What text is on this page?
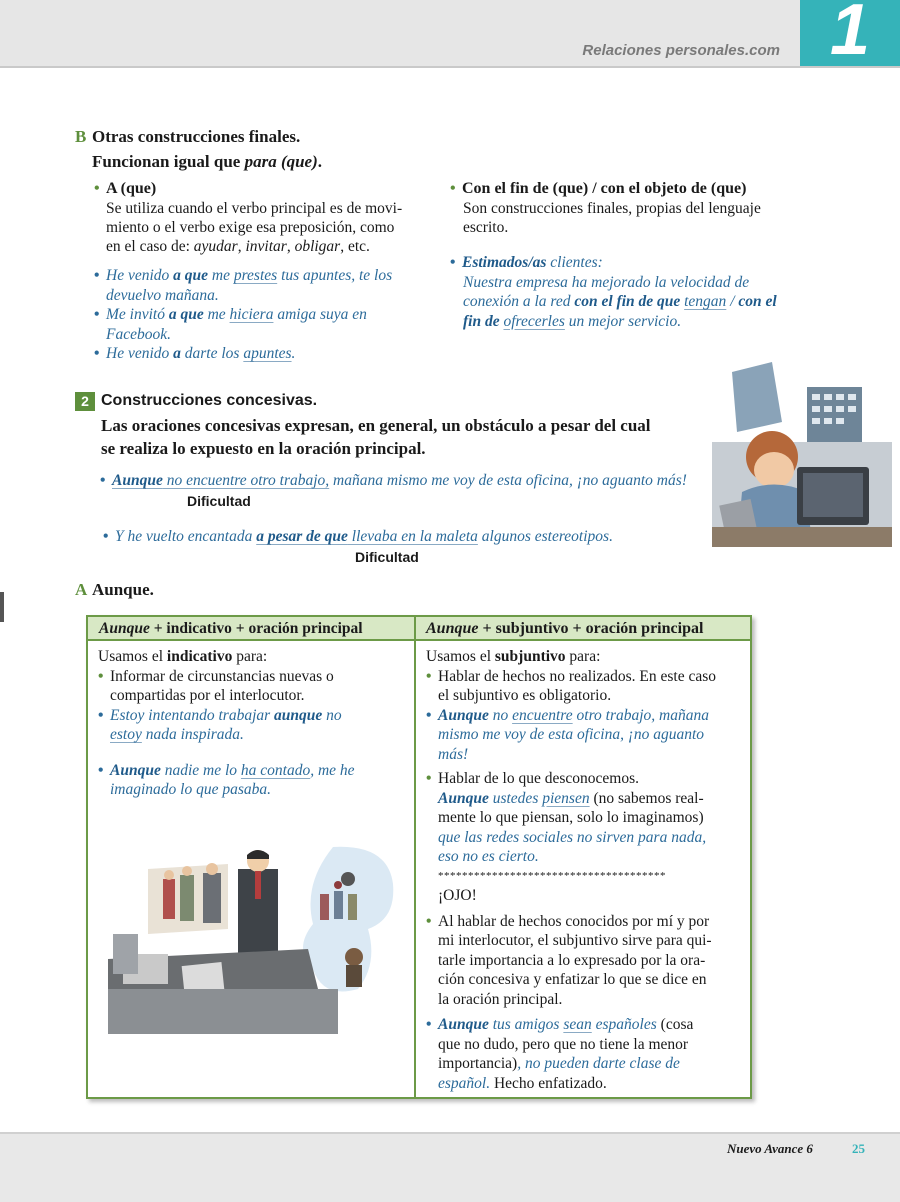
Relaciones personales.com 1
B Otras construcciones finales.
Funcionan igual que para (que).

• A (que)

Se utiliza cuando el verbo principal es de movi-

miento o el verbo exige esa preposición, como

en el caso de: ayudar, invitar, obligar, etc.

• He venido a que me prestes tus apuntes, te los
devuelvo mañana.
• Me invitó a que me hiciera amiga suya en
Facebook.
• He venido a darte los apuntes.

• Con el fin de (que) / con el objeto de (que)

Son construcciones finales, propias del lenguaje

escrito.

• Estimados/as clientes:
Nuestra empresa ha mejorado la velocidad de
conexión a la red con el fin de que tengan / con el
fin de ofrecerles un mejor servicio.
2 Construcciones concesivas.
Las oraciones concesivas expresan, en general, un obstáculo a pesar del cual se realiza lo expuesto en la oración principal.
• Aunque no encuentre otro trabajo, mañana mismo me voy de esta oficina, ¡no aguanto más!
Dificultad
• Y he vuelto encantada a pesar de que llevaba en la maleta algunos estereotipos.
Dificultad
A Aunque.
Aunque + indicativo + oración principal	Aunque + subjuntivo + oración principal
Usamos el indicativo para:
• Informar de circunstancias nuevas o
compartidas por el interlocutor.
• Estoy intentando trabajar aunque no
estoy nada inspirada.
• Aunque nadie me lo ha contado, me he
imaginado lo que pasaba.
Usamos el subjuntivo para:
• Hablar de hechos no realizados. En este caso
el subjuntivo es obligatorio.
• Aunque no encuentre otro trabajo, mañana
mismo me voy de esta oficina, ¡no aguanto
más!
• Hablar de lo que desconocemos.
Aunque ustedes piensen (no sabemos real-
mente lo que piensan, solo lo imaginamos)
que las redes sociales no sirven para nada,
eso no es cierto.
**************************************
¡OJO!
• Al hablar de hechos conocidos por mí y por
mi interlocutor, el subjuntivo sirve para qui-
tarle importancia a lo expresado por la ora-
ción concesiva y enfatizar lo que se dice en
la oración principal.
• Aunque tus amigos sean españoles (cosa
que no dudo, pero que no tiene la menor
importancia), no pueden darte clase de
español. Hecho enfatizado.
Nuevo Avance 6	25
